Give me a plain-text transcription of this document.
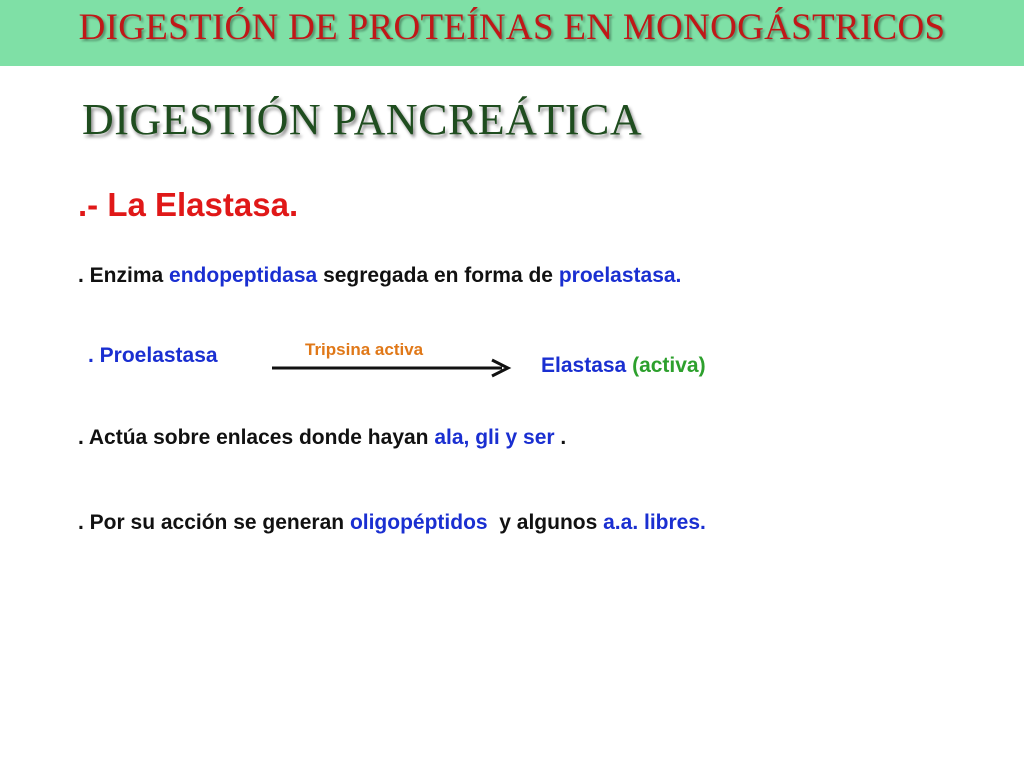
DIGESTIÓN DE PROTEÍNAS EN MONOGÁSTRICOS
DIGESTIÓN PANCREÁTICA
.- La Elastasa.
. Enzima endopeptidasa segregada en forma de proelastasa.
. Proelastasa	Tripsina activa
Elastasa (activa)
. Actúa sobre enlaces donde hayan ala, gli y ser .
. Por su acción se generan oligopéptidos  y algunos a.a. libres.
